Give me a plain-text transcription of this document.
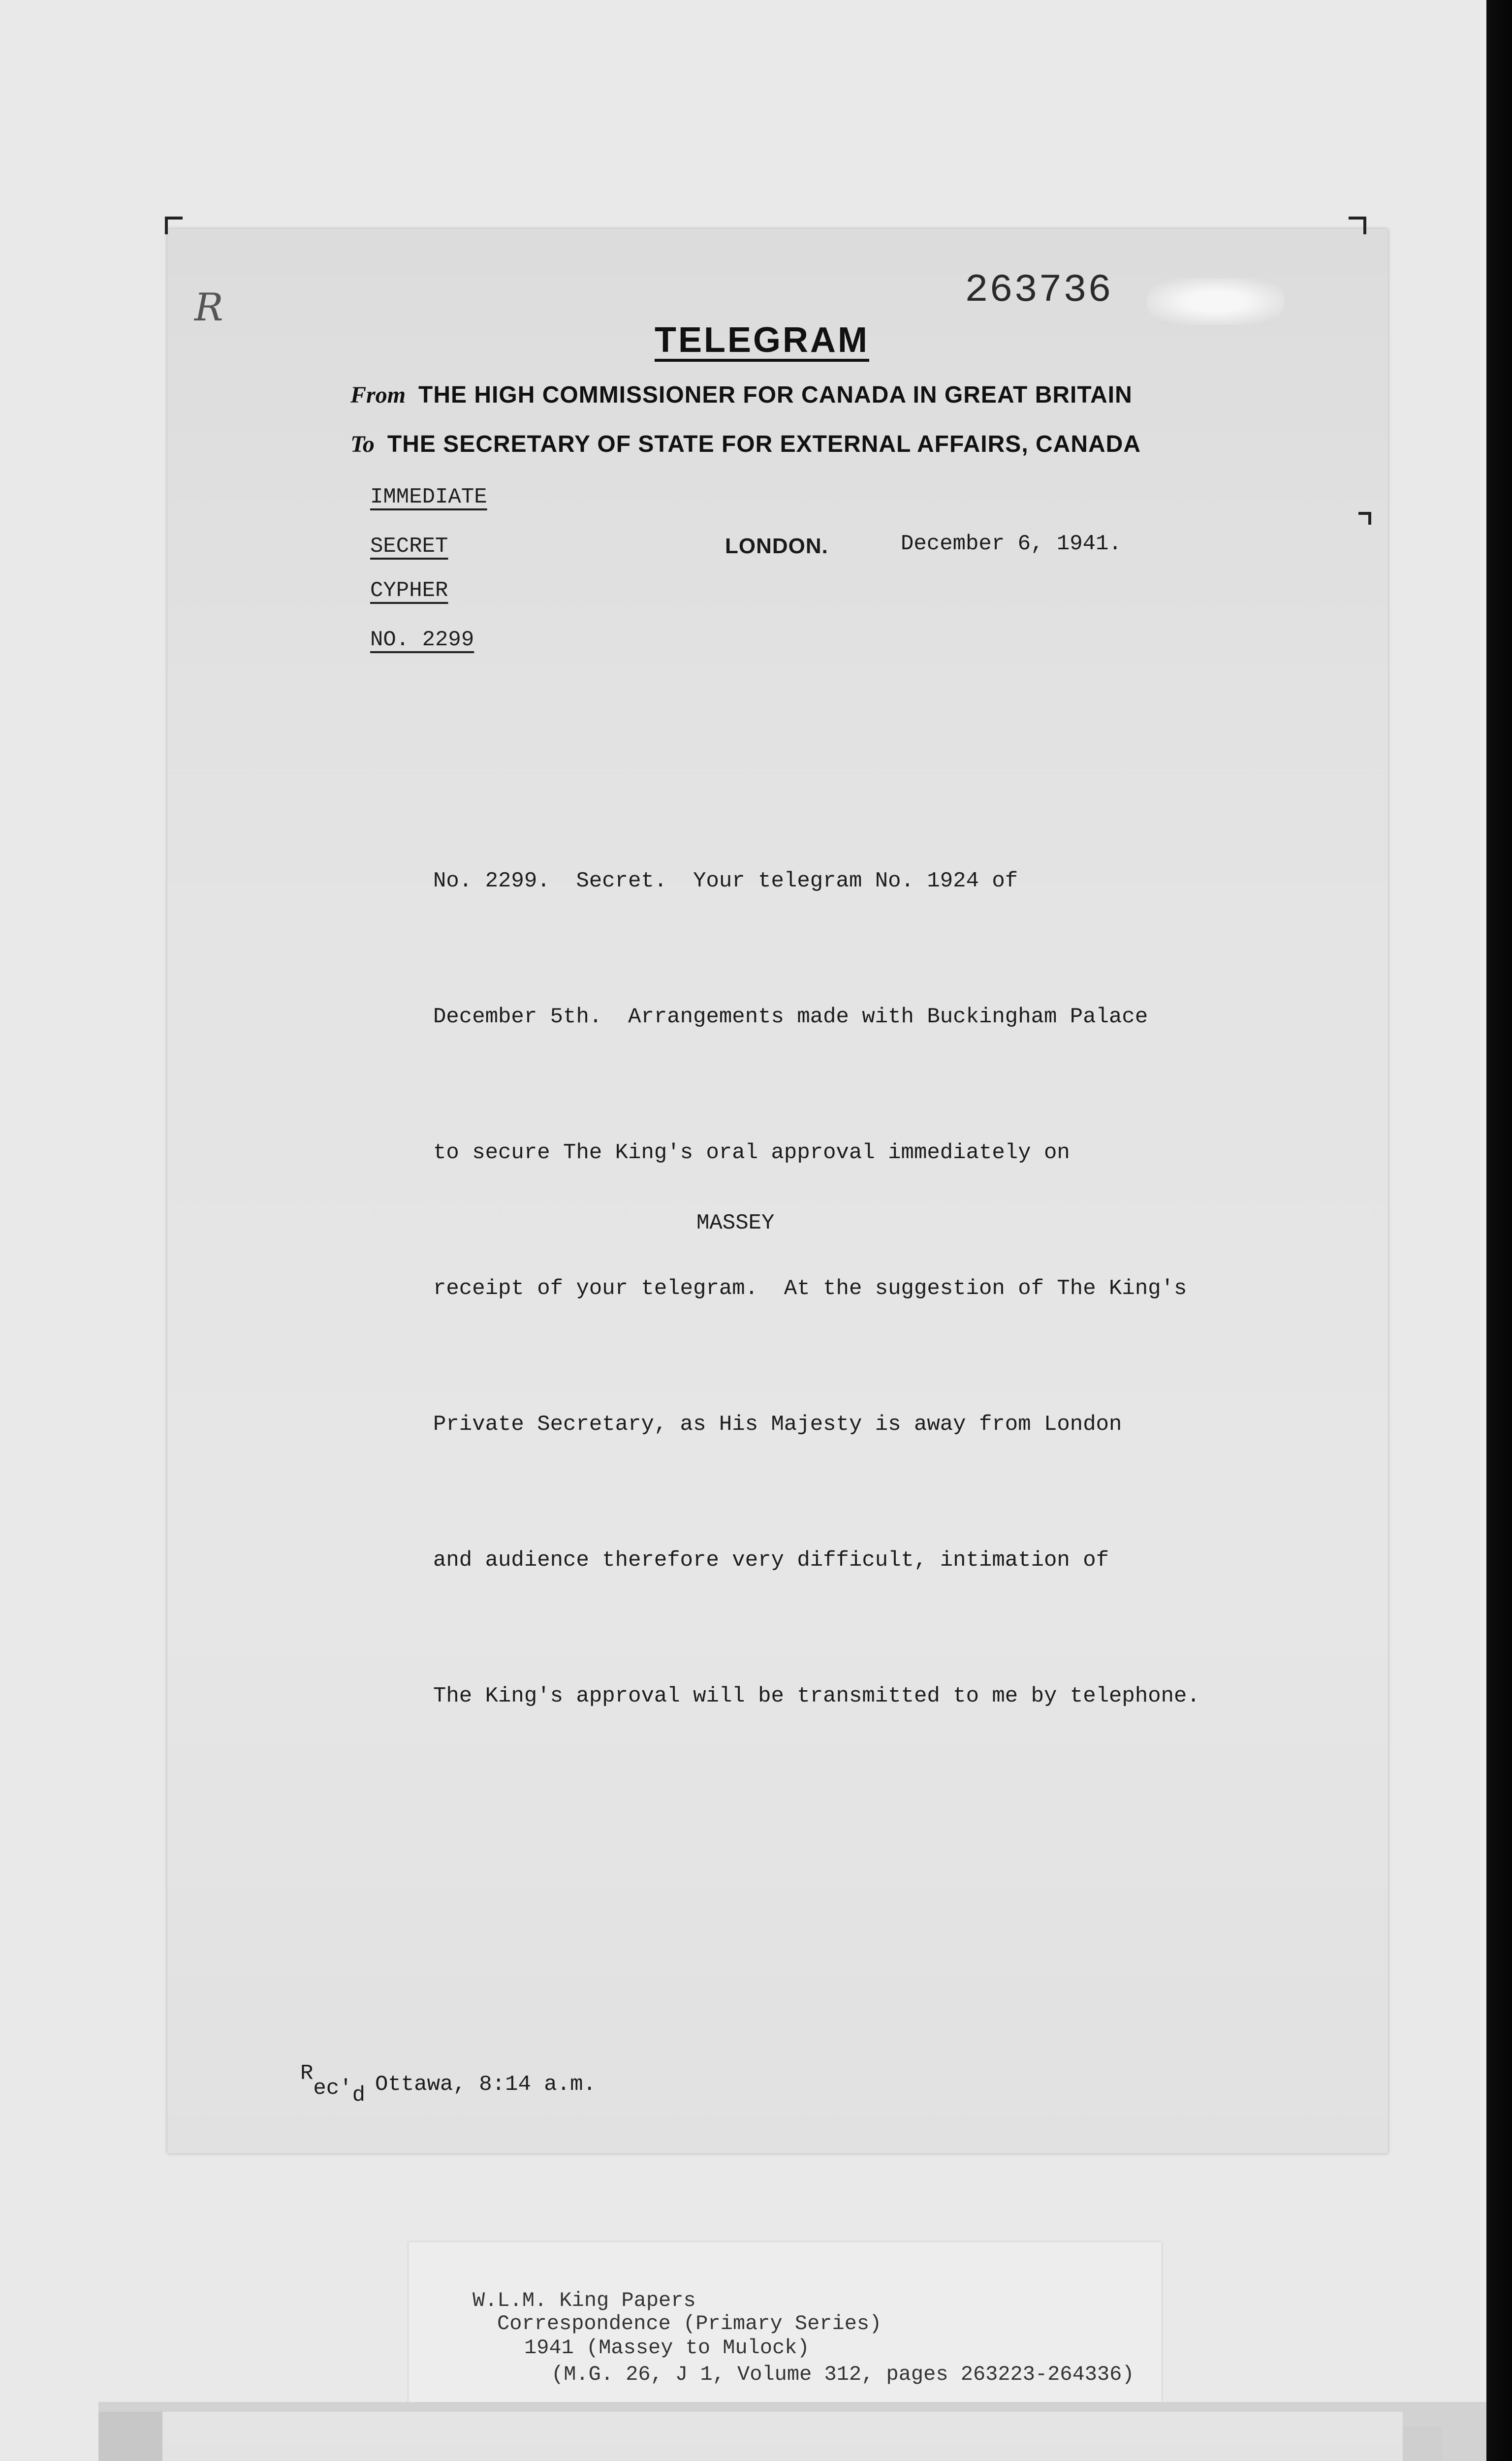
R	263736
TELEGRAM
From THE HIGH COMMISSIONER FOR CANADA IN GREAT BRITAIN
To THE SECRETARY OF STATE FOR EXTERNAL AFFAIRS, CANADA
IMMEDIATE
SECRET
CYPHER
NO. 2299
LONDON.	December 6, 1941.

No. 2299.  Secret.  Your telegram No. 1924 of

December 5th.  Arrangements made with Buckingham Palace

to secure The King's oral approval immediately on

receipt of your telegram.  At the suggestion of The King's

Private Secretary, as His Majesty is away from London

and audience therefore very difficult, intimation of

The King's approval will be transmitted to me by telephone.

MASSEY
Rec'd Ottawa, 8:14 a.m.
W.L.M. King Papers
Correspondence (Primary Series)
1941 (Massey to Mulock)
(M.G. 26, J 1, Volume 312, pages 263223-264336)
